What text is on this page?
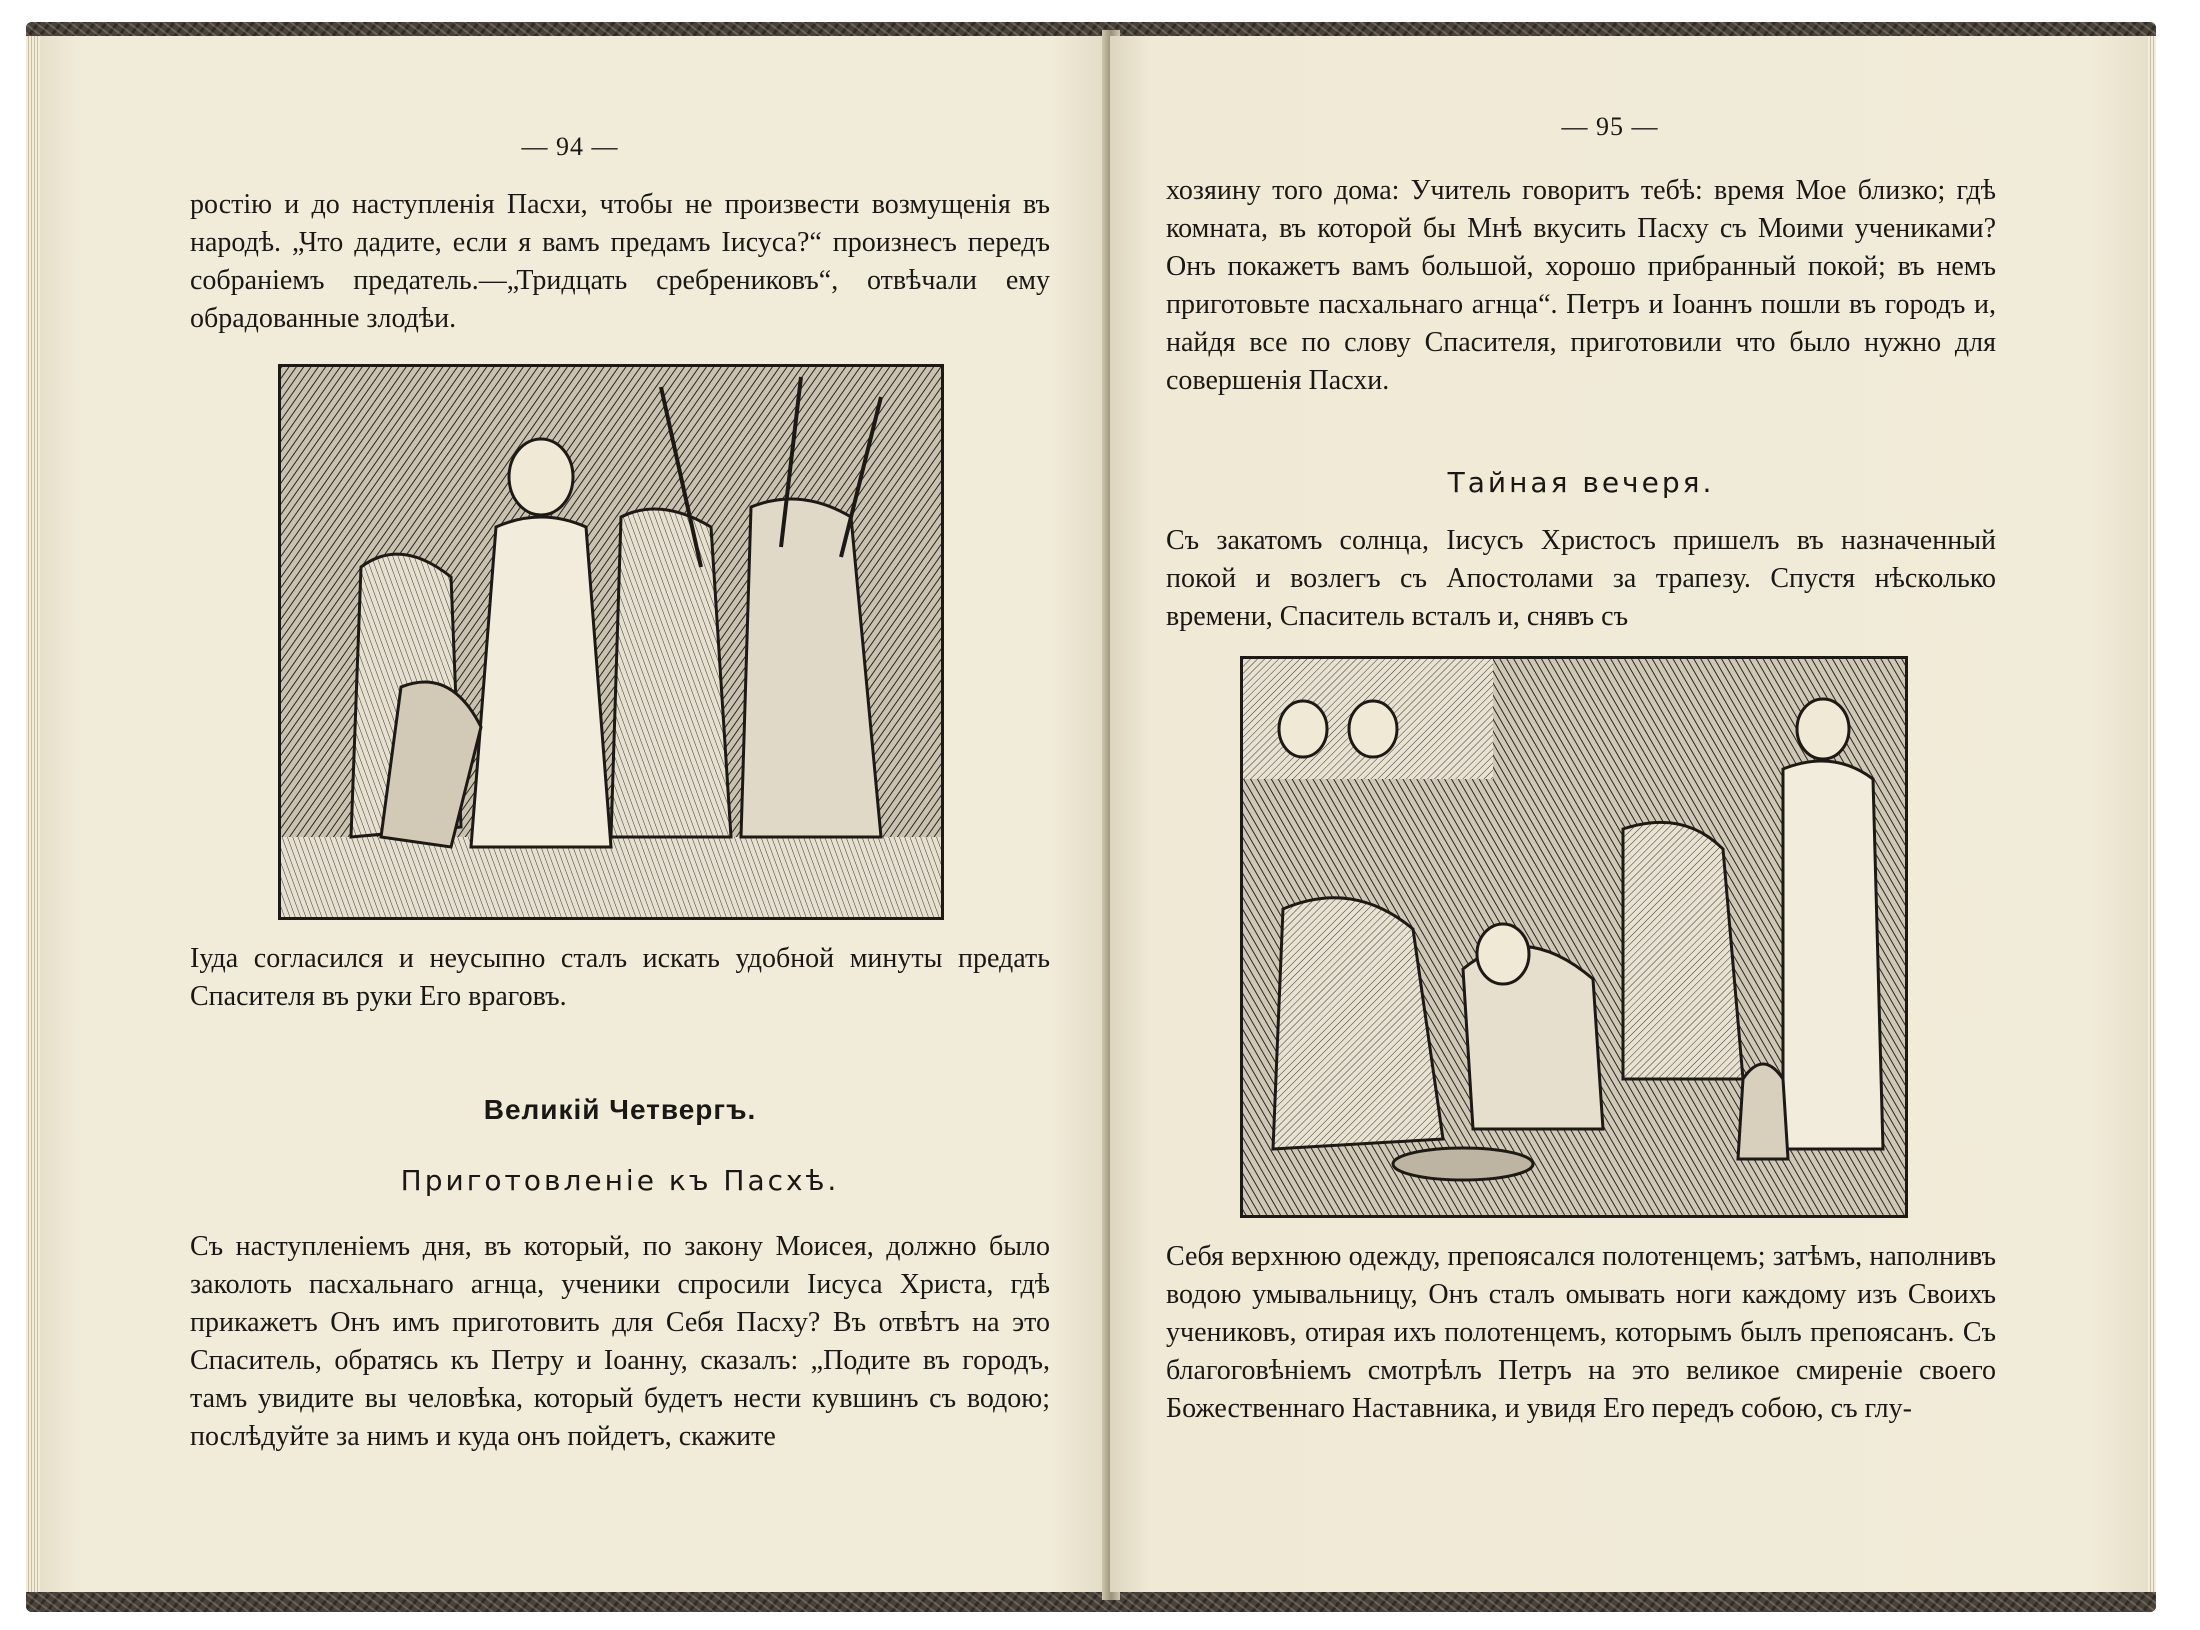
— 94 —

ростію и до наступленія Пасхи, чтобы не произвести возмущенія въ народѣ. „Что дадите, если я вамъ предамъ Іисуса?“ произнесъ передъ собраніемъ предатель.—„Тридцать сребрениковъ“, отвѣчали ему обрадованные злодѣи.

Іуда согласился и неусыпно сталъ искать удобной минуты предать Спасителя въ руки Его враговъ.

Великій Четвергъ.
Приготовленіе къ Пасхѣ.

Съ наступленіемъ дня, въ который, по закону Моисея, должно было заколоть пасхальнаго агнца, ученики спросили Іисуса Христа, гдѣ прикажетъ Онъ имъ приготовить для Себя Пасху? Въ отвѣтъ на это Спаситель, обратясь къ Петру и Іоанну, сказалъ: „Подите въ городъ, тамъ увидите вы человѣка, который будетъ нести кувшинъ съ водою; послѣдуйте за нимъ и куда онъ пойдетъ, скажите

— 95 —

хозяину того дома: Учитель говоритъ тебѣ: время Мое близко; гдѣ комната, въ которой бы Мнѣ вкусить Пасху съ Моими учениками? Онъ покажетъ вамъ большой, хорошо прибранный покой; въ немъ приготовьте пасхальнаго агнца“. Петръ и Іоаннъ пошли въ городъ и, найдя все по слову Спасителя, приготовили что было нужно для совершенія Пасхи.

Тайная вечеря.

Съ закатомъ солнца, Іисусъ Христосъ пришелъ въ назначенный покой и возлегъ съ Апостолами за трапезу. Спустя нѣсколько времени, Спаситель всталъ и, снявъ съ

Себя верхнюю одежду, препоясался полотенцемъ; затѣмъ, наполнивъ водою умывальницу, Онъ сталъ омывать ноги каждому изъ Своихъ учениковъ, отирая ихъ полотенцемъ, которымъ былъ препоясанъ. Съ благоговѣніемъ смотрѣлъ Петръ на это великое смиреніе своего Божественнаго Наставника, и увидя Его передъ собою, съ глу-
